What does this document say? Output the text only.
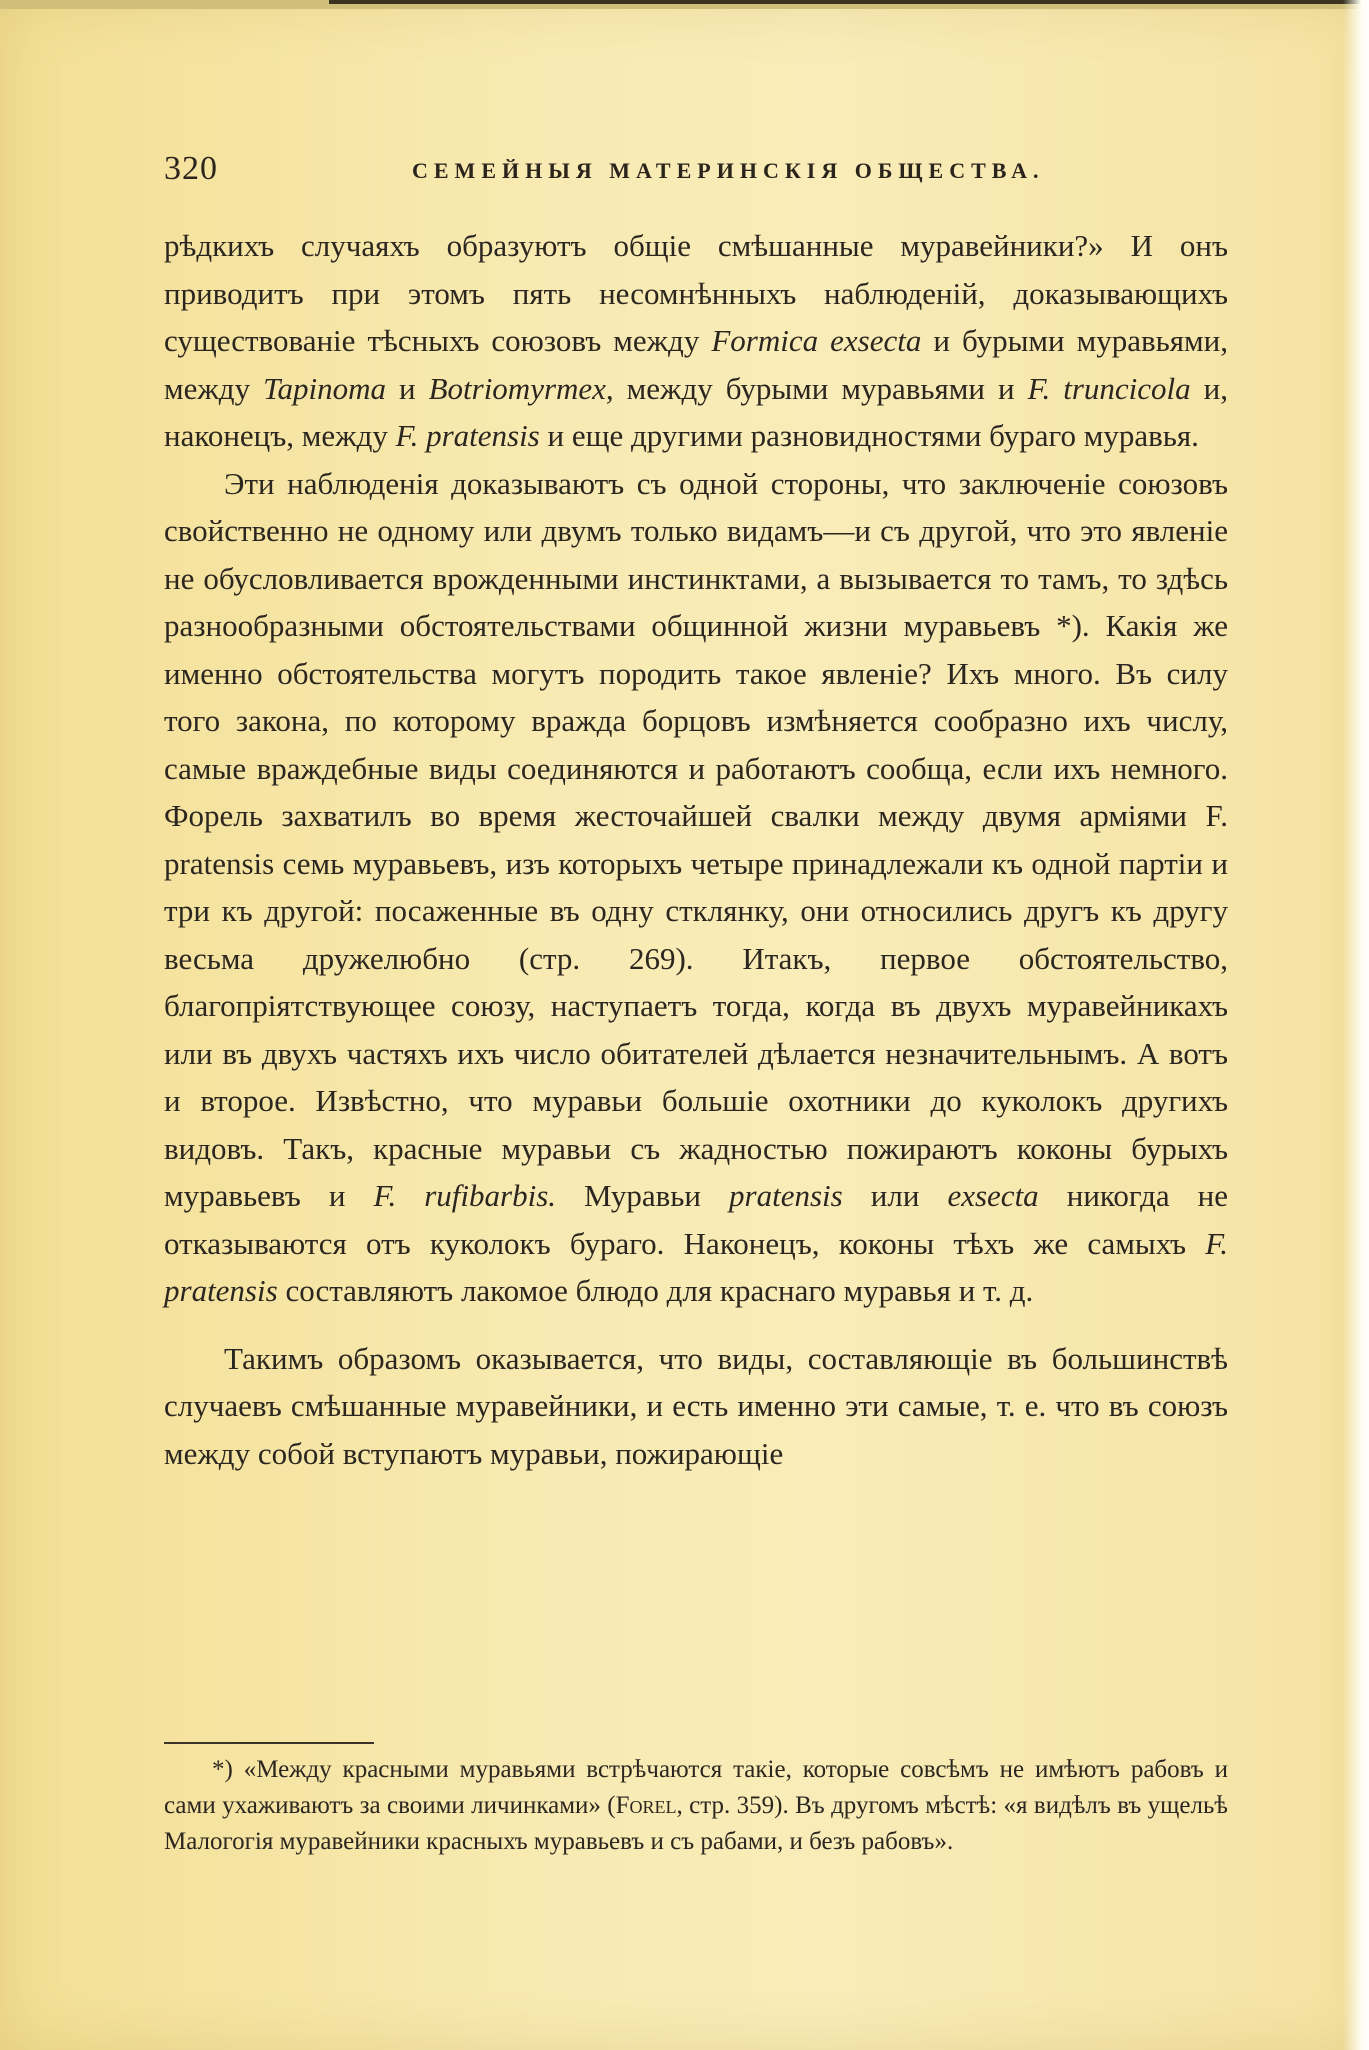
320	СЕМЕЙНЫЯ МАТЕРИНСКІЯ ОБЩЕСТВА.

рѣдкихъ случаяхъ образуютъ общіе смѣшанные муравейники?» И онъ приводитъ при этомъ пять несомнѣнныхъ наблюденій, доказывающихъ существованіе тѣсныхъ союзовъ между Formica exsecta и бурыми муравьями, между Tapinoma и Botriomyrmex, между бурыми муравьями и F. truncicola и, наконецъ, между F. pratensis и еще другими разновидностями бураго муравья.

Эти наблюденія доказываютъ съ одной стороны, что заключеніе союзовъ свойственно не одному или двумъ только видамъ—и съ другой, что это явленіе не обусловливается врожденными инстинктами, а вызывается то тамъ, то здѣсь разнообразными обстоятельствами общинной жизни муравьевъ *). Какія же именно обстоятельства могутъ породить такое явленіе? Ихъ много. Въ силу того закона, по которому вражда борцовъ измѣняется сообразно ихъ числу, самые враждебные виды соединяются и работаютъ сообща, если ихъ немного. Форель захватилъ во время жесточайшей свалки между двумя арміями F. pratensis семь муравьевъ, изъ которыхъ четыре принадлежали къ одной партіи и три къ другой: посаженные въ одну стклянку, они относились другъ къ другу весьма дружелюбно (стр. 269). Итакъ, первое обстоятельство, благопріятствующее союзу, наступаетъ тогда, когда въ двухъ муравейникахъ или въ двухъ частяхъ ихъ число обитателей дѣлается незначительнымъ. А вотъ и второе. Извѣстно, что муравьи большіе охотники до куколокъ другихъ видовъ. Такъ, красные муравьи съ жадностью пожираютъ коконы бурыхъ муравьевъ и F. rufibarbis. Муравьи pratensis или exsecta никогда не отказываются отъ куколокъ бураго. Наконецъ, коконы тѣхъ же самыхъ F. pratensis составляютъ лакомое блюдо для краснаго муравья и т. д.

Такимъ образомъ оказывается, что виды, составляющіе въ большинствѣ случаевъ смѣшанные муравейники, и есть именно эти самые, т. е. что въ союзъ между собой вступаютъ муравьи, пожирающіе

*) «Между красными муравьями встрѣчаются такіе, которые совсѣмъ не имѣютъ рабовъ и сами ухаживаютъ за своими личинками» (Forel, стр. 359). Въ другомъ мѣстѣ: «я видѣлъ въ ущельѣ Малогогія муравейники красныхъ муравьевъ и съ рабами, и безъ рабовъ».
